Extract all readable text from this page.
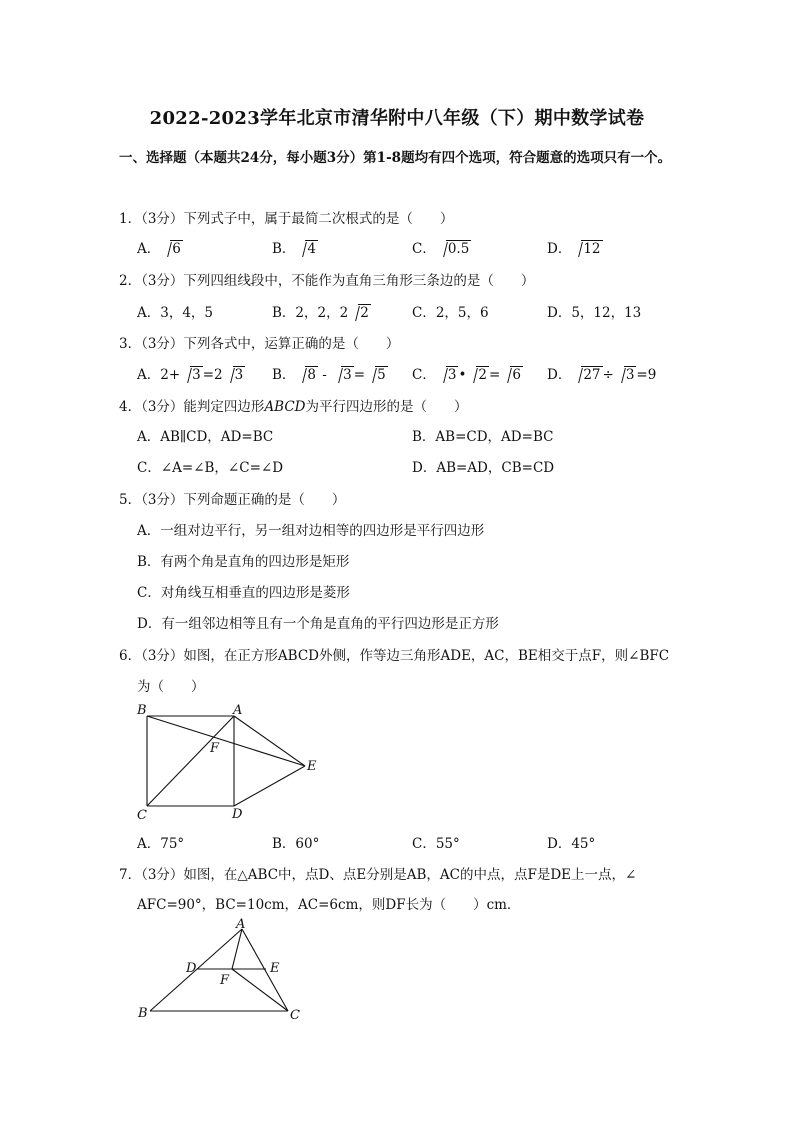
2022-2023学年北京市清华附中八年级（下）期中数学试卷
一、选择题（本题共24分，每小题3分）第1-8题均有四个选项，符合题意的选项只有一个。
1．（3分）下列式子中，属于最简二次根式的是（　　）
A． 6	B． 4	C． 0.5	D． 12
2．（3分）下列四组线段中，不能作为直角三角形三条边的是（　　）
A．3，4，5	B．2，2，2 2	C．2，5，6	D．5，12，13
3．（3分）下列各式中，运算正确的是（　　）
A．2+ 3 =2 3 B． 8 - 3 = 5 C． 3 • 2 = 6 D． 27 ÷ 3 =9
4．（3分）能判定四边形ABCD为平行四边形的是（　　）
A．AB∥CD，AD=BC	B．AB=CD，AD=BC
C．∠A=∠B，∠C=∠D	D．AB=AD，CB=CD
5．（3分）下列命题正确的是（　　）
A．一组对边平行，另一组对边相等的四边形是平行四边形
B．有两个角是直角的四边形是矩形
C．对角线互相垂直的四边形是菱形
D．有一组邻边相等且有一个角是直角的平行四边形是正方形
6．（3分）如图，在正方形ABCD外侧，作等边三角形ADE，AC，BE相交于点F，则∠BFC
为（　　）
B	A
F
E
C	D
A．75°	B．60°	C．55°	D．45°
7．（3分）如图，在△ABC中，点D、点E分别是AB，AC的中点，点F是DE上一点，∠
AFC=90°，BC=10cm，AC=6cm，则DF长为（　　）cm．
A
D	E
F
B	C
